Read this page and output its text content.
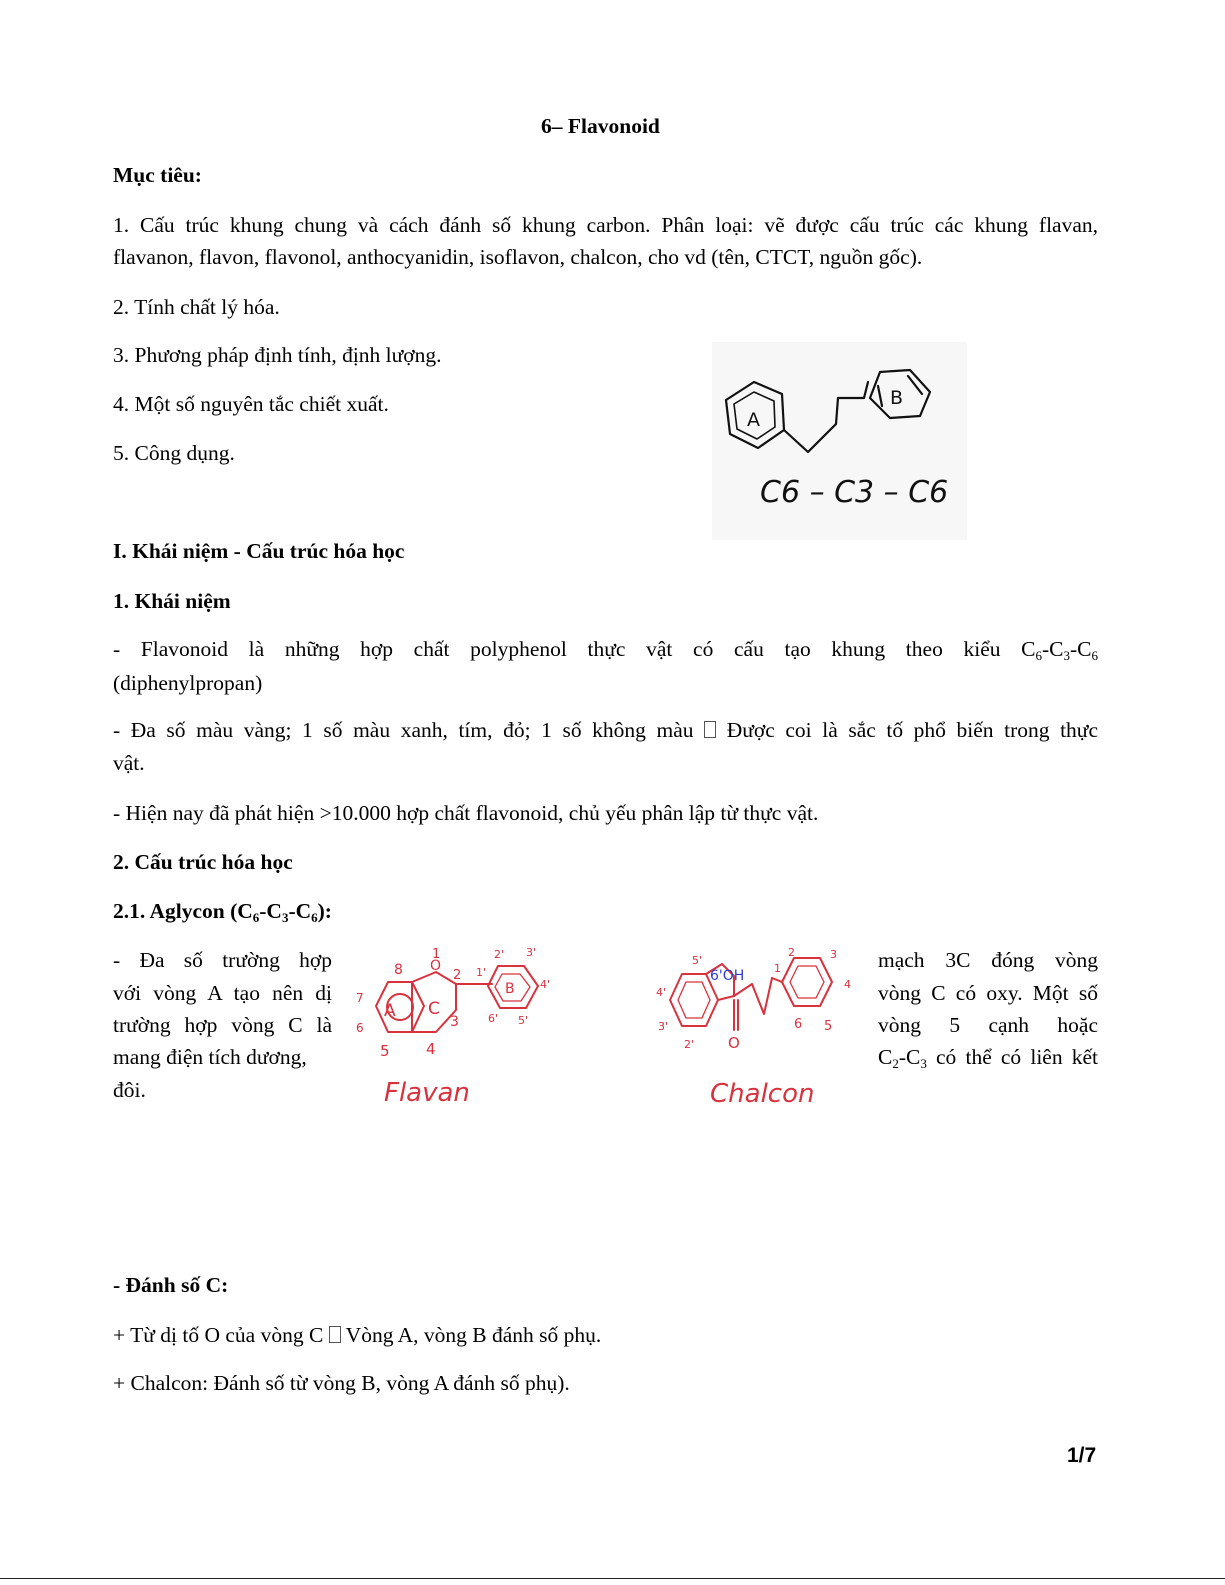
6– Flavonoid
Mục tiêu:
1. Cấu trúc khung chung và cách đánh số khung carbon. Phân loại: vẽ được cấu trúc các khung flavan,
flavanon, flavon, flavonol, anthocyanidin, isoflavon, chalcon, cho vd (tên, CTCT, nguồn gốc).
2. Tính chất lý hóa.
3. Phương pháp định tính, định lượng.
4. Một số nguyên tắc chiết xuất.
5. Công dụng.
A
B
C6 – C3 – C6
I. Khái niệm - Cấu trúc hóa học
1. Khái niệm
- Flavonoid là những hợp chất polyphenol thực vật có cấu tạo khung theo kiểu $C_6-C_3-C_6$
(diphenylpropan)
- Đa số màu vàng; 1 số màu xanh, tím, đỏ; 1 số không màu Được coi là sắc tố phổ biến trong thực
vật.
- Hiện nay đã phát hiện >10.000 hợp chất flavonoid, chủ yếu phân lập từ thực vật.
2. Cấu trúc hóa học
2.1. Aglycon $(C_6-C_3-C_6)$:
- Đa số trường hợp
với vòng A tạo nên dị
trường hợp vòng C là
mang điện tích dương,
đôi.
mạch 3C đóng vòng
vòng C có oxy. Một số
vòng 5 cạnh hoặc
$C_2-C_3$ có thể có liên kết
A C
B
O
8
1
2
3
4
5
6
7
1'
2' 3'
4'
5'
6'
Flavan
6'OH
O
5'
4'
3'
2'
1
2	3
4
5
6
Chalcon
- Đánh số C:
+ Từ dị tố O của vòng C Vòng A, vòng B đánh số phụ.
+ Chalcon: Đánh số từ vòng B, vòng A đánh số phụ).
1/7
